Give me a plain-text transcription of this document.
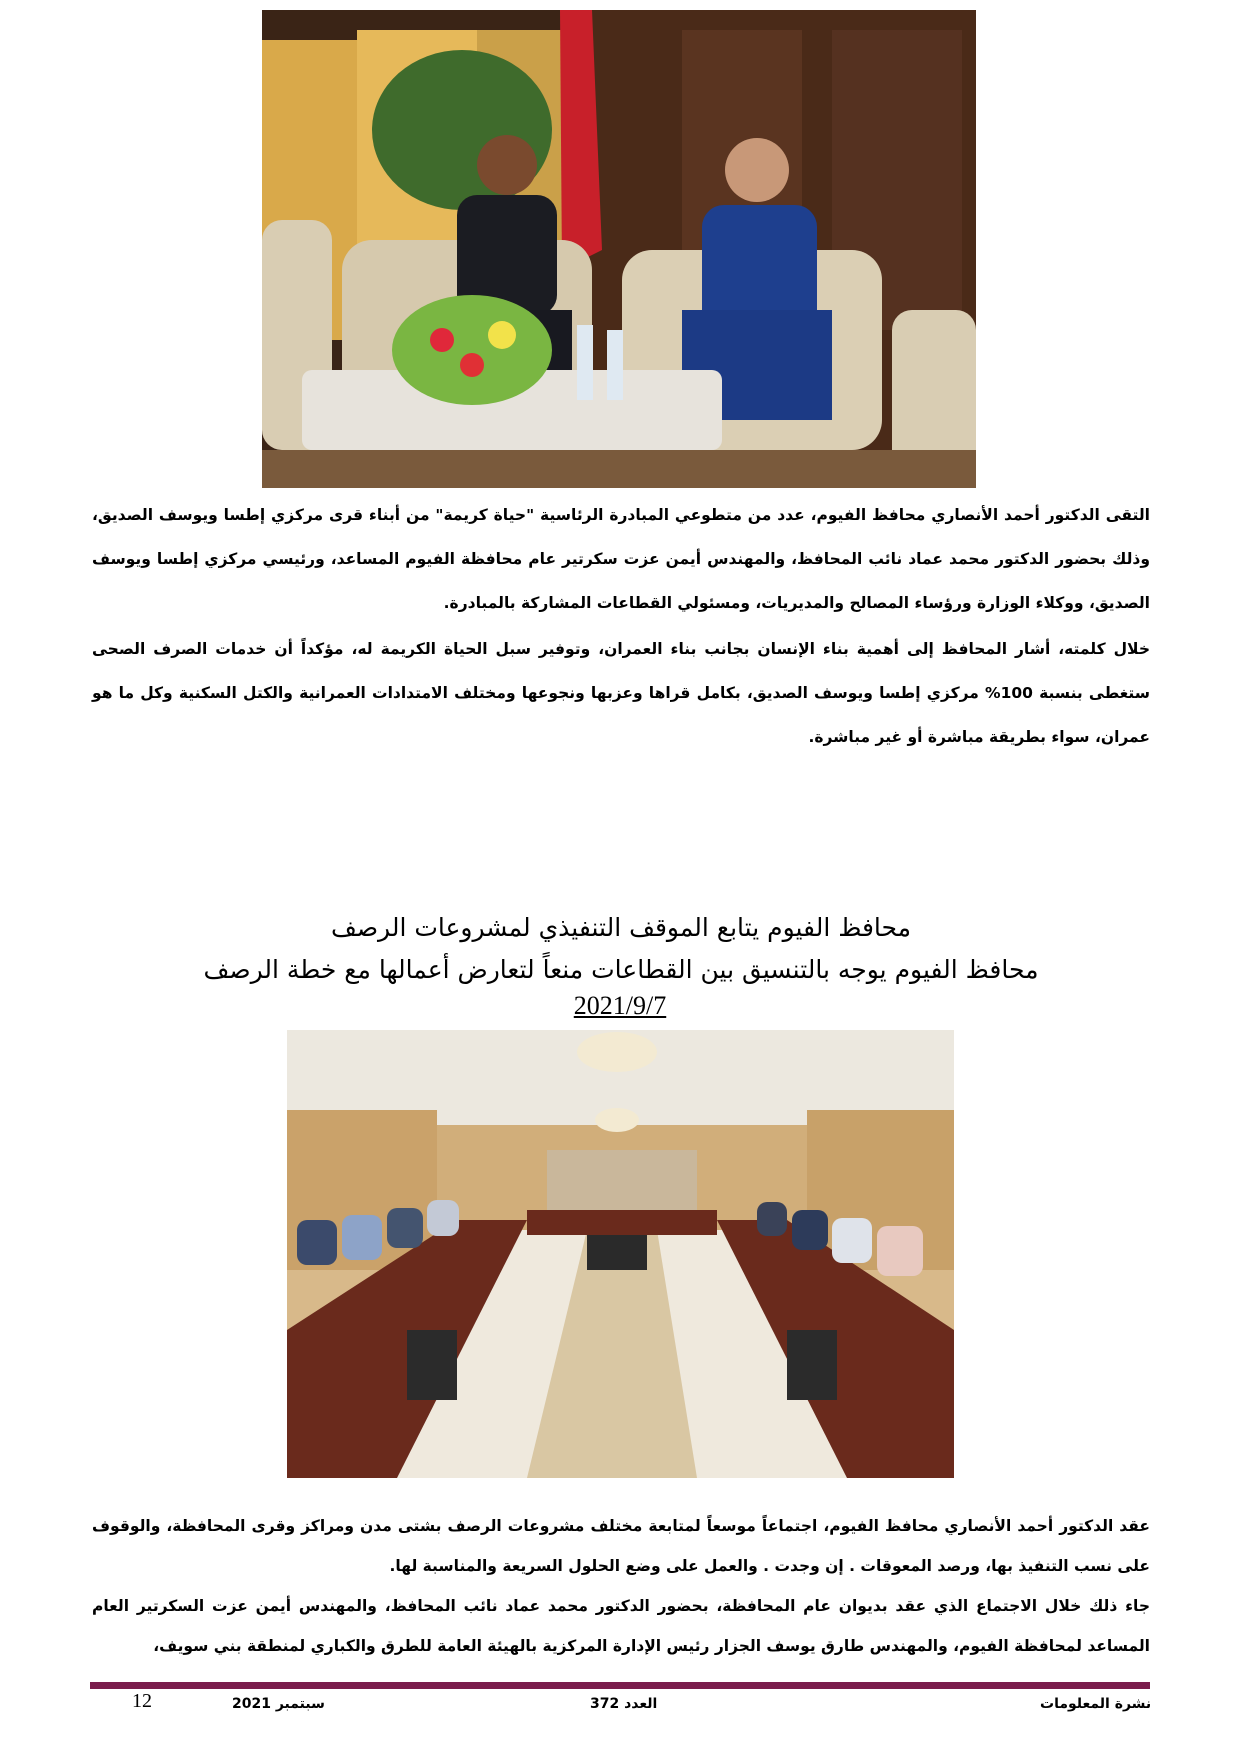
التقى الدكتور أحمد الأنصاري محافظ الفيوم، عدد من متطوعي المبادرة الرئاسية "حياة كريمة" من أبناء قرى مركزي إطسا ويوسف الصديق، وذلك بحضور الدكتور محمد عماد نائب المحافظ، والمهندس أيمن عزت سكرتير عام محافظة الفيوم المساعد، ورئيسي مركزي إطسا ويوسف الصديق، ووكلاء الوزارة ورؤساء المصالح والمديريات، ومسئولي القطاعات المشاركة بالمبادرة.

خلال كلمته، أشار المحافظ إلى أهمية بناء الإنسان بجانب بناء العمران، وتوفير سبل الحياة الكريمة له، مؤكداً أن خدمات الصرف الصحى ستغطى بنسبة 100% مركزي إطسا ويوسف الصديق، بكامل قراها وعزبها ونجوعها ومختلف الامتدادات العمرانية والكتل السكنية وكل ما هو عمران، سواء بطريقة مباشرة أو غير مباشرة.

محافظ الفيوم يتابع الموقف التنفيذي لمشروعات الرصف
محافظ الفيوم يوجه بالتنسيق بين القطاعات منعاً لتعارض أعمالها مع خطة الرصف
2021/9/7

عقد الدكتور أحمد الأنصاري محافظ الفيوم، اجتماعاً موسعاً لمتابعة مختلف مشروعات الرصف بشتى مدن ومراكز وقرى المحافظة، والوقوف على نسب التنفيذ بها، ورصد المعوقات . إن وجدت . والعمل على وضع الحلول السريعة والمناسبة لها.

جاء ذلك خلال الاجتماع الذي عقد بديوان عام المحافظة، بحضور الدكتور محمد عماد نائب المحافظ، والمهندس أيمن عزت السكرتير العام المساعد لمحافظة الفيوم، والمهندس طارق يوسف الجزار رئيس الإدارة المركزية بالهيئة العامة للطرق والكباري لمنطقة بني سويف،

نشرة المعلومات
العدد 372
سبتمبر 2021
12
